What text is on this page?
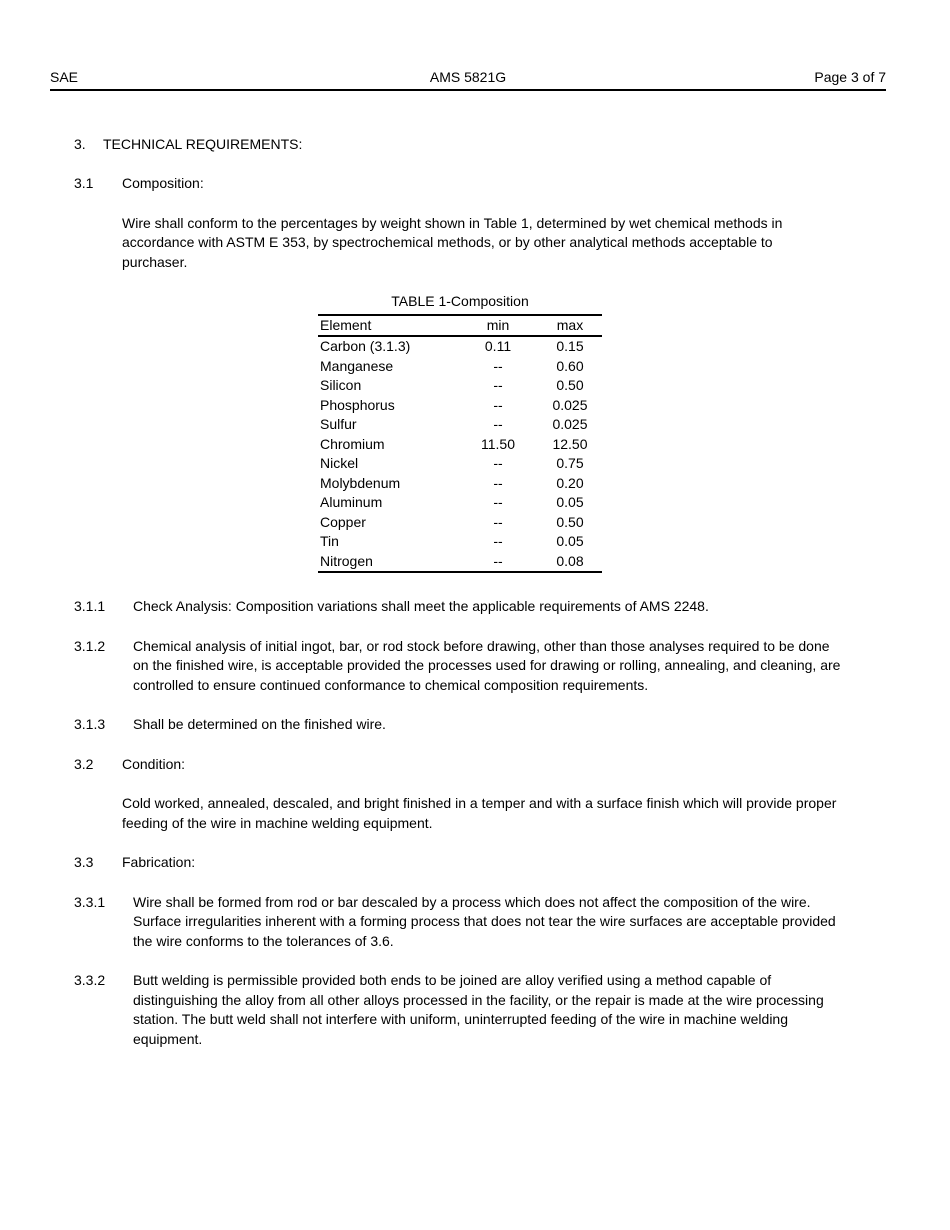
SAE	AMS 5821G	Page 3 of 7
3.	TECHNICAL REQUIREMENTS:
3.1	Composition:
Wire shall conform to the percentages by weight shown in Table 1, determined by wet chemical methods in accordance with ASTM E 353, by spectrochemical methods, or by other analytical methods acceptable to purchaser.
TABLE 1-Composition
Element	min	max
Carbon (3.1.3)	0.11	0.15
Manganese	--	0.60
Silicon	--	0.50
Phosphorus	--	0.025
Sulfur	--	0.025
Chromium	11.50	12.50
Nickel	--	0.75
Molybdenum	--	0.20
Aluminum	--	0.05
Copper	--	0.50
Tin	--	0.05
Nitrogen	--	0.08
3.1.1	Check Analysis: Composition variations shall meet the applicable requirements of AMS 2248.
3.1.2	Chemical analysis of initial ingot, bar, or rod stock before drawing, other than those analyses required to be done on the finished wire, is acceptable provided the processes used for drawing or rolling, annealing, and cleaning, are controlled to ensure continued conformance to chemical composition requirements.
3.1.3	Shall be determined on the finished wire.
3.2	Condition:
Cold worked, annealed, descaled, and bright finished in a temper and with a surface finish which will provide proper feeding of the wire in machine welding equipment.
3.3	Fabrication:
3.3.1	Wire shall be formed from rod or bar descaled by a process which does not affect the composition of the wire. Surface irregularities inherent with a forming process that does not tear the wire surfaces are acceptable provided the wire conforms to the tolerances of 3.6.
3.3.2	Butt welding is permissible provided both ends to be joined are alloy verified using a method capable of distinguishing the alloy from all other alloys processed in the facility, or the repair is made at the wire processing station. The butt weld shall not interfere with uniform, uninterrupted feeding of the wire in machine welding equipment.
